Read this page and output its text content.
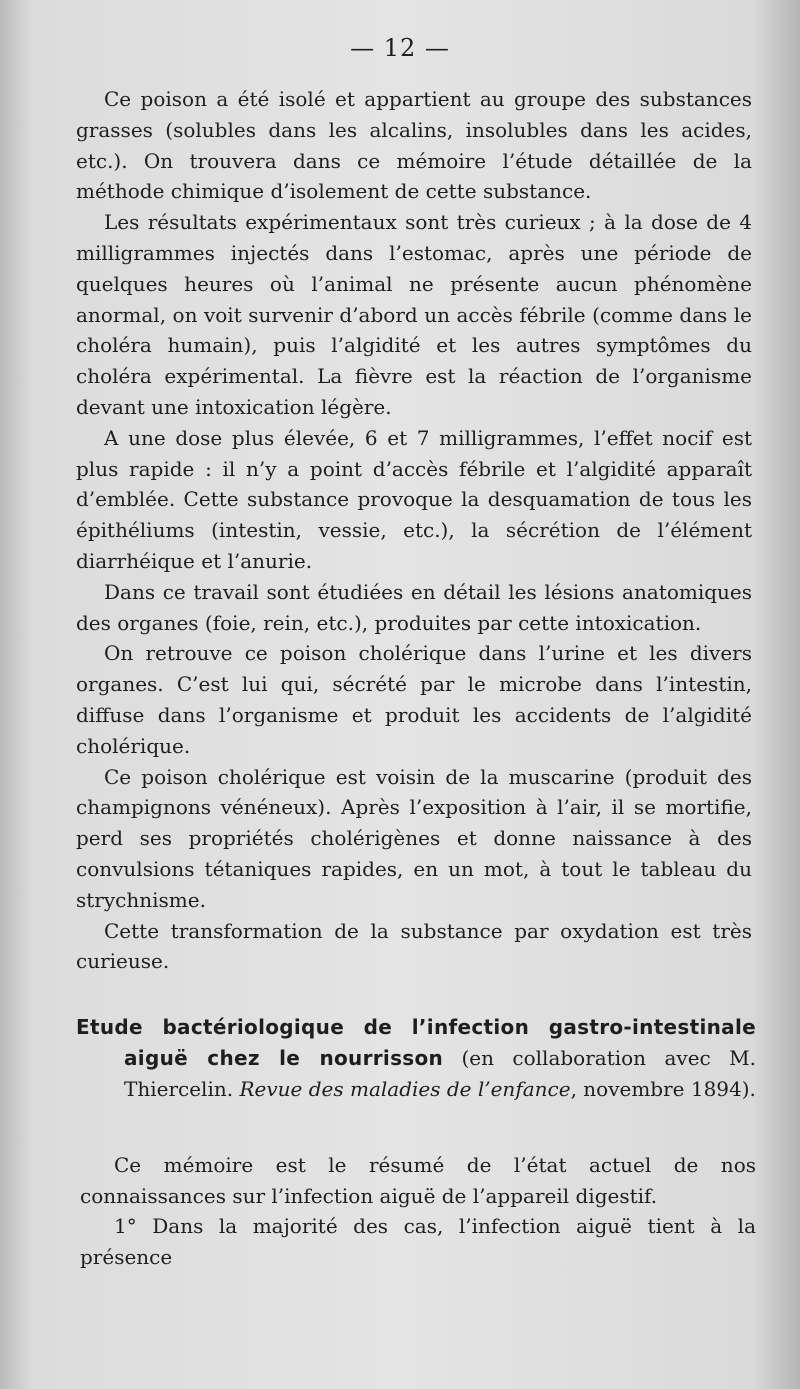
— 12 —

Ce poison a été isolé et appartient au groupe des substances grasses (solubles dans les alcalins, insolubles dans les acides, etc.). On trouvera dans ce mémoire l’étude détaillée de la méthode chimique d’isolement de cette substance.

Les résultats expérimentaux sont très curieux ; à la dose de 4 milligrammes injectés dans l’estomac, après une période de quelques heures où l’animal ne présente aucun phénomène anormal, on voit survenir d’abord un accès fébrile (comme dans le choléra humain), puis l’algidité et les autres symptômes du choléra expérimental. La fièvre est la réaction de l’organisme devant une intoxication légère.

A une dose plus élevée, 6 et 7 milligrammes, l’effet nocif est plus rapide : il n’y a point d’accès fébrile et l’algidité apparaît d’emblée. Cette substance provoque la desquamation de tous les épithéliums (intestin, vessie, etc.), la sécrétion de l’élément diarrhéique et l’anurie.

Dans ce travail sont étudiées en détail les lésions anatomiques des organes (foie, rein, etc.), produites par cette intoxication.

On retrouve ce poison cholérique dans l’urine et les divers organes. C’est lui qui, sécrété par le microbe dans l’intestin, diffuse dans l’organisme et produit les accidents de l’algidité cholérique.

Ce poison cholérique est voisin de la muscarine (produit des champignons vénéneux). Après l’exposition à l’air, il se mortifie, perd ses propriétés cholérigènes et donne naissance à des convulsions tétaniques rapides, en un mot, à tout le tableau du strychnisme.

Cette transformation de la substance par oxydation est très curieuse.

Etude bactériologique de l’infection gastro-intestinale aiguë chez le nourrisson (en collaboration avec M. Thiercelin. Revue des maladies de l’enfance, novembre 1894).

Ce mémoire est le résumé de l’état actuel de nos connaissances sur l’infection aiguë de l’appareil digestif.

1° Dans la majorité des cas, l’infection aiguë tient à la présence
